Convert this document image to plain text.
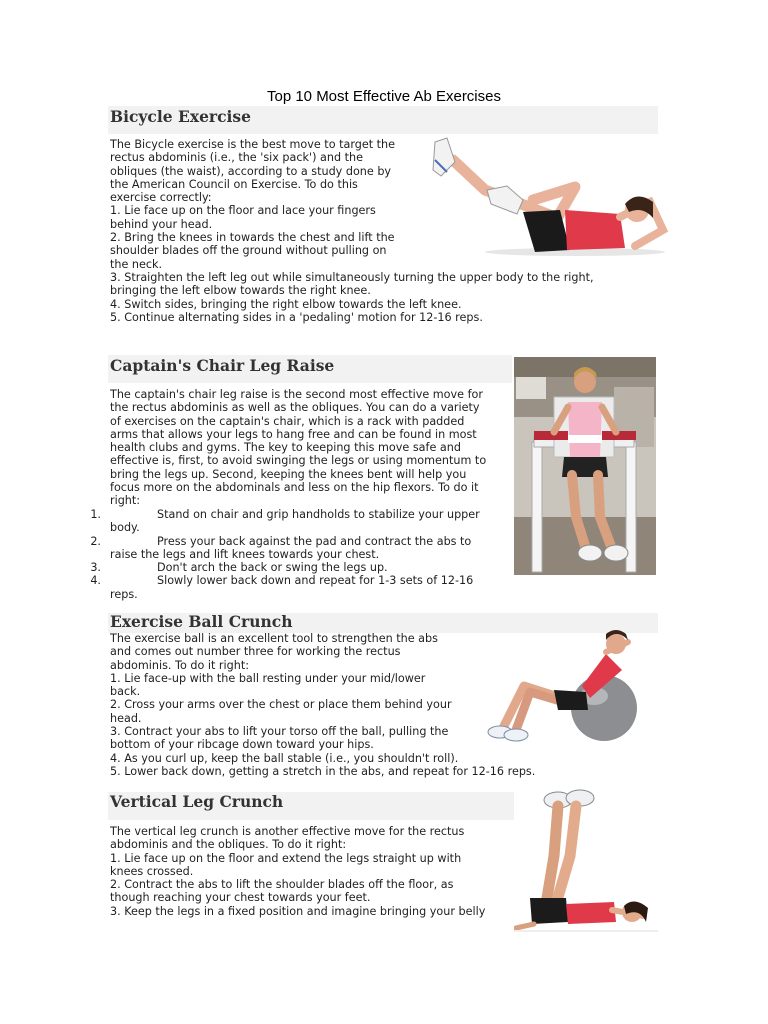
Top 10 Most Effective Ab Exercises
Bicycle Exercise
The Bicycle exercise is the best move to target the
rectus abdominis (i.e., the 'six pack') and the
obliques (the waist), according to a study done by
the American Council on Exercise. To do this
exercise correctly:
1. Lie face up on the floor and lace your fingers
behind your head.
2. Bring the knees in towards the chest and lift the
shoulder blades off the ground without pulling on
the neck.
3. Straighten the left leg out while simultaneously turning the upper body to the right,
bringing the left elbow towards the right knee.
4. Switch sides, bringing the right elbow towards the left knee.
5. Continue alternating sides in a 'pedaling' motion for 12-16 reps.
Captain's Chair Leg Raise
The captain's chair leg raise is the second most effective move for
the rectus abdominis as well as the obliques. You can do a variety
of exercises on the captain's chair, which is a rack with padded
arms that allows your legs to hang free and can be found in most
health clubs and gyms. The key to keeping this move safe and
effective is, first, to avoid swinging the legs or using momentum to
bring the legs up. Second, keeping the knees bent will help you
focus more on the abdominals and less on the hip flexors. To do it
right:
1.	Stand on chair and grip handholds to stabilize your upper
body.
2.	Press your back against the pad and contract the abs to
raise the legs and lift knees towards your chest.
3.	Don't arch the back or swing the legs up.
4.	Slowly lower back down and repeat for 1-3 sets of 12-16
reps.
Exercise Ball Crunch
The exercise ball is an excellent tool to strengthen the abs
and comes out number three for working the rectus
abdominis. To do it right:
1. Lie face-up with the ball resting under your mid/lower
back.
2. Cross your arms over the chest or place them behind your
head.
3. Contract your abs to lift your torso off the ball, pulling the
bottom of your ribcage down toward your hips.
4. As you curl up, keep the ball stable (i.e., you shouldn't roll).
5. Lower back down, getting a stretch in the abs, and repeat for 12-16 reps.
Vertical Leg Crunch
The vertical leg crunch is another effective move for the rectus
abdominis and the obliques. To do it right:
1. Lie face up on the floor and extend the legs straight up with
knees crossed.
2. Contract the abs to lift the shoulder blades off the floor, as
though reaching your chest towards your feet.
3. Keep the legs in a fixed position and imagine bringing your belly
